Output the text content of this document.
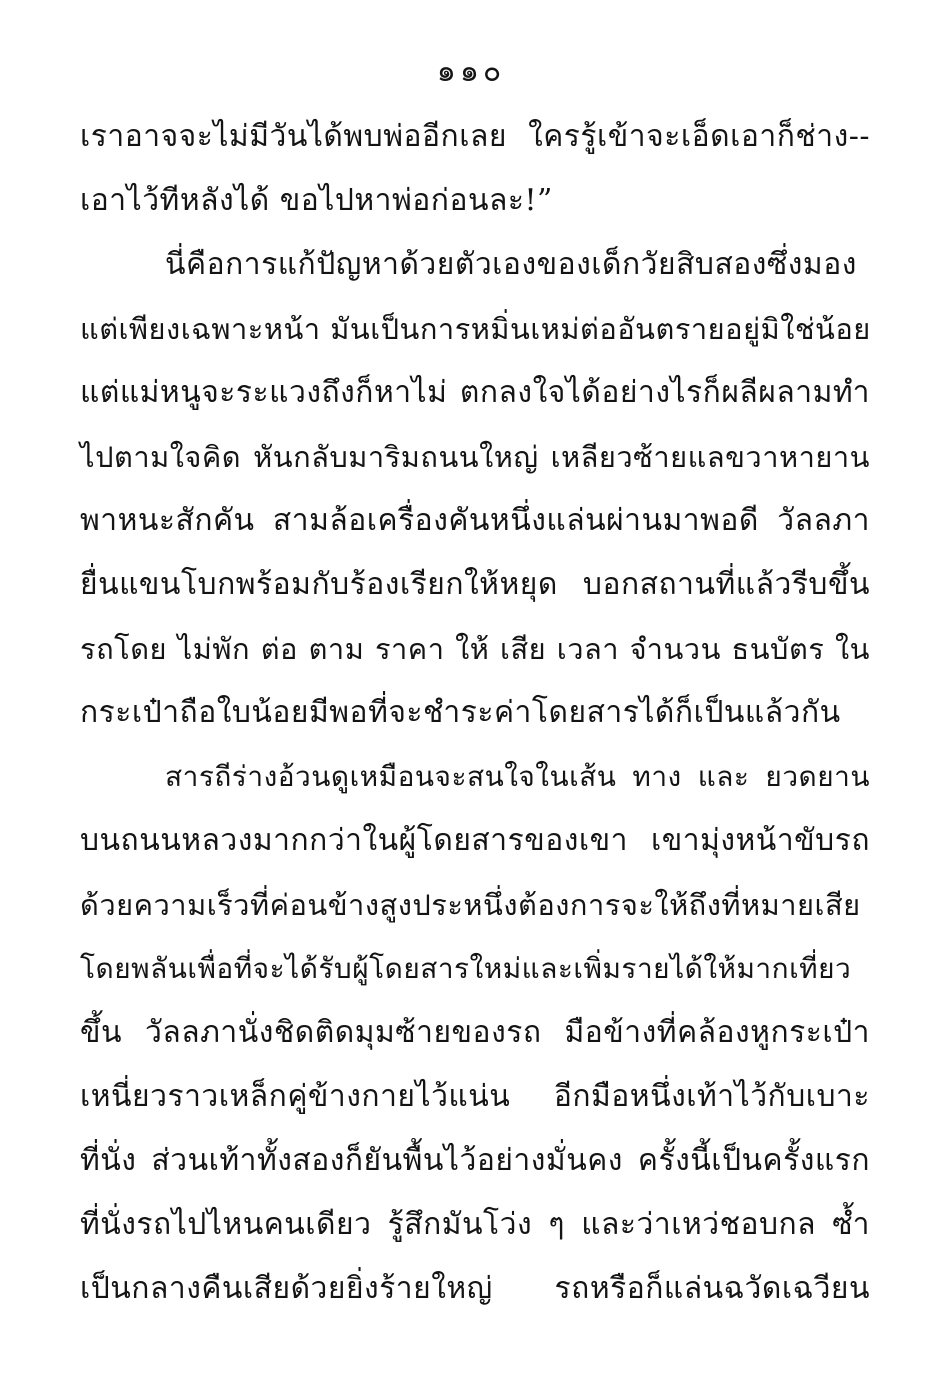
๑๑๐
เราอาจจะไม่มีวันได้พบพ่ออีกเลย ใครรู้เข้าจะเอ็ดเอาก็ช่าง--
เอาไว้ทีหลังได้ ขอไปหาพ่อก่อนละ!”
นี่คือการแก้ปัญหาด้วยตัวเองของเด็กวัยสิบสองซึ่งมอง
แต่เพียงเฉพาะหน้า มันเป็นการหมิ่นเหม่ต่ออันตรายอยู่มิใช่น้อย
แต่แม่หนูจะระแวงถึงก็หาไม่ ตกลงใจได้อย่างไรก็ผลีผลามทำ
ไปตามใจคิด หันกลับมาริมถนนใหญ่ เหลียวซ้ายแลขวาหายาน
พาหนะสักคัน สามล้อเครื่องคันหนึ่งแล่นผ่านมาพอดี วัลลภา
ยื่นแขนโบกพร้อมกับร้องเรียกให้หยุด บอกสถานที่แล้วรีบขึ้น
รถโดย ไม่พัก ต่อ ตาม ราคา ให้ เสีย เวลา จำนวน ธนบัตร ใน
กระเป๋าถือใบน้อยมีพอที่จะชำระค่าโดยสารได้ก็เป็นแล้วกัน
สารถีร่างอ้วนดูเหมือนจะสนใจในเส้น ทาง และ ยวดยาน
บนถนนหลวงมากกว่าในผู้โดยสารของเขา เขามุ่งหน้าขับรถ
ด้วยความเร็วที่ค่อนข้างสูงประหนึ่งต้องการจะให้ถึงที่หมายเสีย
โดยพลันเพื่อที่จะได้รับผู้โดยสารใหม่และเพิ่มรายได้ให้มากเที่ยว
ขึ้น วัลลภานั่งชิดติดมุมซ้ายของรถ มือข้างที่คล้องหูกระเป๋า
เหนี่ยวราวเหล็กคู่ข้างกายไว้แน่น อีกมือหนึ่งเท้าไว้กับเบาะ
ที่นั่ง ส่วนเท้าทั้งสองก็ยันพื้นไว้อย่างมั่นคง ครั้งนี้เป็นครั้งแรก
ที่นั่งรถไปไหนคนเดียว รู้สึกมันโว่ง ๆ และว่าเหว่ชอบกล ซ้ำ
เป็นกลางคืนเสียด้วยยิ่งร้ายใหญ่ รถหรือก็แล่นฉวัดเฉวียน
